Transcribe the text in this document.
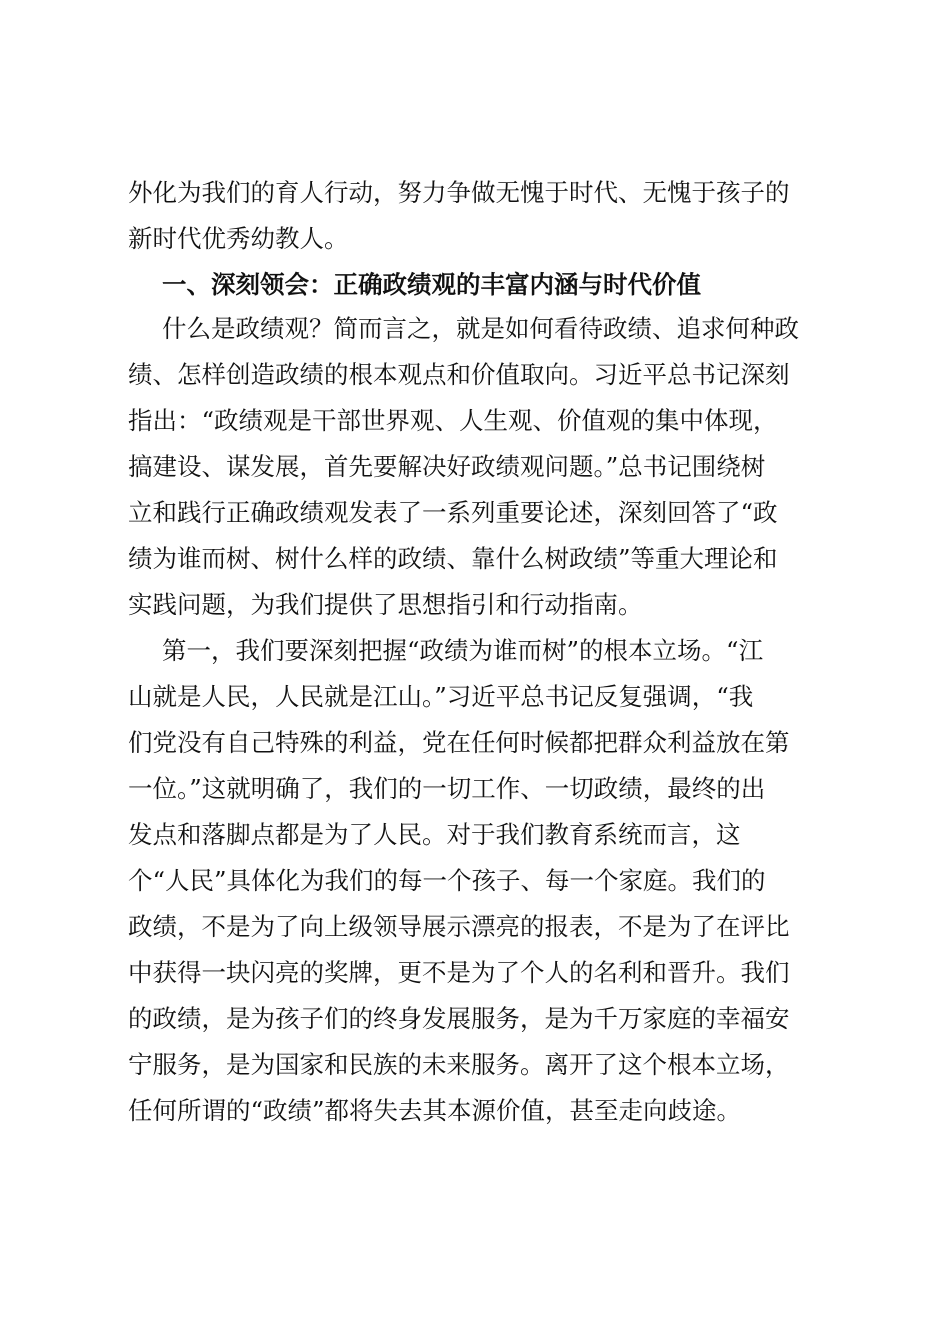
外化为我们的育人行动，努力争做无愧于时代、无愧于孩子的
新时代优秀幼教人。
一、深刻领会：正确政绩观的丰富内涵与时代价值
什么是政绩观？简而言之，就是如何看待政绩、追求何种政
绩、怎样创造政绩的根本观点和价值取向。习近平总书记深刻
指出：“政绩观是干部世界观、人生观、价值观的集中体现，
搞建设、谋发展，首先要解决好政绩观问题。”总书记围绕树
立和践行正确政绩观发表了一系列重要论述，深刻回答了“政
绩为谁而树、树什么样的政绩、靠什么树政绩”等重大理论和
实践问题，为我们提供了思想指引和行动指南。
第一，我们要深刻把握“政绩为谁而树”的根本立场。“江
山就是人民，人民就是江山。”习近平总书记反复强调，“我
们党没有自己特殊的利益，党在任何时候都把群众利益放在第
一位。”这就明确了，我们的一切工作、一切政绩，最终的出
发点和落脚点都是为了人民。对于我们教育系统而言，这
个“人民”具体化为我们的每一个孩子、每一个家庭。我们的
政绩，不是为了向上级领导展示漂亮的报表，不是为了在评比
中获得一块闪亮的奖牌，更不是为了个人的名利和晋升。我们
的政绩，是为孩子们的终身发展服务，是为千万家庭的幸福安
宁服务，是为国家和民族的未来服务。离开了这个根本立场，
任何所谓的“政绩”都将失去其本源价值，甚至走向歧途。
